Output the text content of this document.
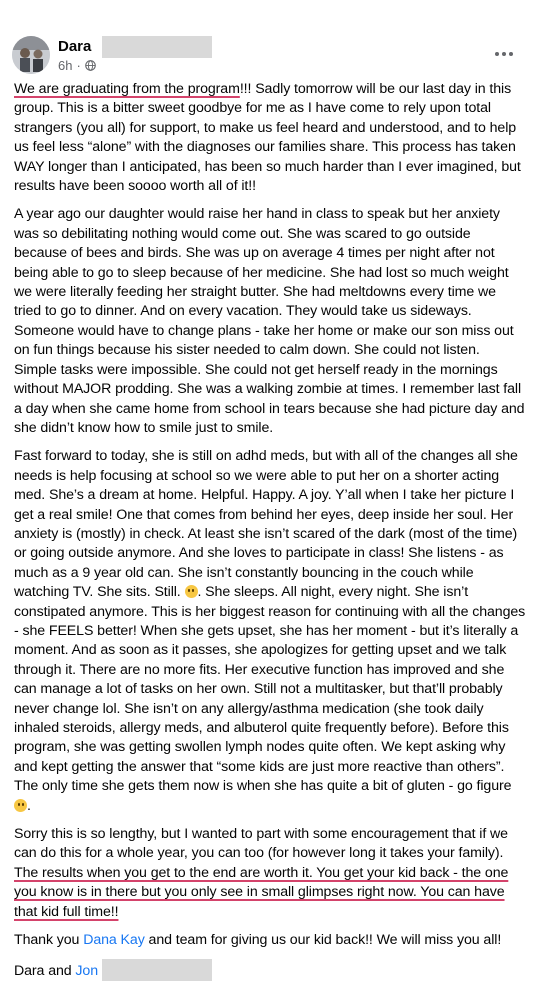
Dara
6h ·

We are graduating from the program!!! Sadly tomorrow will be our last day in this group. This is a bitter sweet goodbye for me as I have come to rely upon total strangers (you all) for support, to make us feel heard and understood, and to help us feel less “alone” with the diagnoses our families share. This process has taken WAY longer than I anticipated, has been so much harder than I ever imagined, but results have been soooo worth all of it!!

A year ago our daughter would raise her hand in class to speak but her anxiety was so debilitating nothing would come out. She was scared to go outside because of bees and birds. She was up on average 4 times per night after not being able to go to sleep because of her medicine. She had lost so much weight we were literally feeding her straight butter. She had meltdowns every time we tried to go to dinner. And on every vacation. They would take us sideways. Someone would have to change plans - take her home or make our son miss out on fun things because his sister needed to calm down. She could not listen. Simple tasks were impossible. She could not get herself ready in the mornings without MAJOR prodding. She was a walking zombie at times. I remember last fall a day when she came home from school in tears because she had picture day and she didn’t know how to smile just to smile.

Fast forward to today, she is still on adhd meds, but with all of the changes all she needs is help focusing at school so we were able to put her on a shorter acting med. She’s a dream at home. Helpful. Happy. A joy. Y’all when I take her picture I get a real smile! One that comes from behind her eyes, deep inside her soul. Her anxiety is (mostly) in check. At least she isn’t scared of the dark (most of the time) or going outside anymore. And she loves to participate in class! She listens - as much as a 9 year old can. She isn’t constantly bouncing in the couch while watching TV. She sits. Still. . She sleeps. All night, every night. She isn’t constipated anymore. This is her biggest reason for continuing with all the changes - she FEELS better! When she gets upset, she has her moment - but it’s literally a moment. And as soon as it passes, she apologizes for getting upset and we talk through it. There are no more fits. Her executive function has improved and she can manage a lot of tasks on her own. Still not a multitasker, but that’ll probably never change lol. She isn’t on any allergy/asthma medication (she took daily inhaled steroids, allergy meds, and albuterol quite frequently before). Before this program, she was getting swollen lymph nodes quite often. We kept asking why and kept getting the answer that “some kids are just more reactive than others”. The only time she gets them now is when she has quite a bit of gluten - go figure .

Sorry this is so lengthy, but I wanted to part with some encouragement that if we can do this for a whole year, you can too (for however long it takes your family). The results when you get to the end are worth it. You get your kid back - the one you know is in there but you only see in small glimpses right now. You can have that kid full time!!

Thank you Dana Kay and team for giving us our kid back!! We will miss you all!

Dara and Jon
